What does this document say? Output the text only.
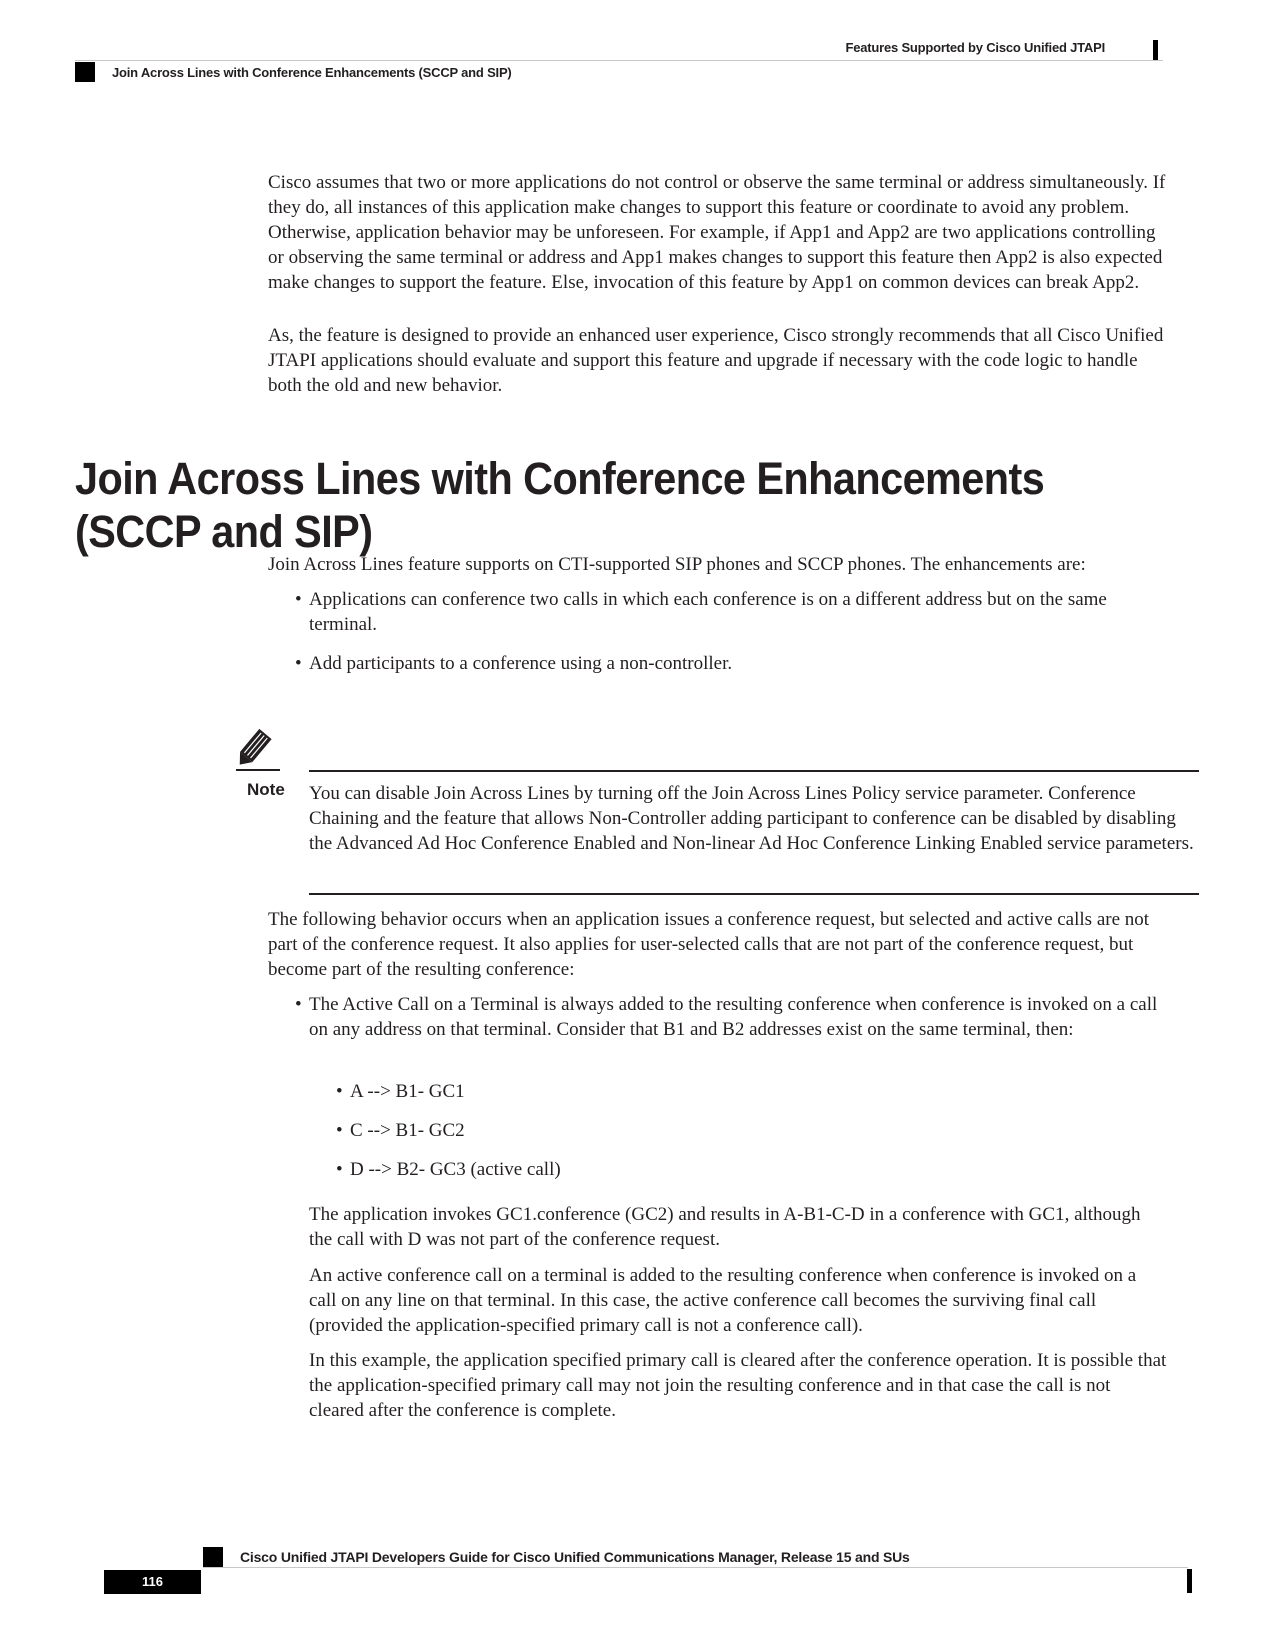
Features Supported by Cisco Unified JTAPI
Join Across Lines with Conference Enhancements (SCCP and SIP)

Cisco assumes that two or more applications do not control or observe the same terminal or address simultaneously. If they do, all instances of this application make changes to support this feature or coordinate to avoid any problem. Otherwise, application behavior may be unforeseen. For example, if App1 and App2 are two applications controlling or observing the same terminal or address and App1 makes changes to support this feature then App2 is also expected make changes to support the feature. Else, invocation of this feature by App1 on common devices can break App2.

As, the feature is designed to provide an enhanced user experience, Cisco strongly recommends that all Cisco Unified JTAPI applications should evaluate and support this feature and upgrade if necessary with the code logic to handle both the old and new behavior.

Join Across Lines with Conference Enhancements (SCCP and SIP)

Join Across Lines feature supports on CTI-supported SIP phones and SCCP phones. The enhancements are:

• Applications can conference two calls in which each conference is on a different address but on the same terminal.
• Add participants to a conference using a non-controller.
Note You can disable Join Across Lines by turning off the Join Across Lines Policy service parameter. Conference Chaining and the feature that allows Non-Controller adding participant to conference can be disabled by disabling the Advanced Ad Hoc Conference Enabled and Non-linear Ad Hoc Conference Linking Enabled service parameters.

The following behavior occurs when an application issues a conference request, but selected and active calls are not part of the conference request. It also applies for user-selected calls that are not part of the conference request, but become part of the resulting conference:

• The Active Call on a Terminal is always added to the resulting conference when conference is invoked on a call on any address on that terminal. Consider that B1 and B2 addresses exist on the same terminal, then:
• A --> B1- GC1
• C --> B1- GC2
• D --> B2- GC3 (active call)

The application invokes GC1.conference (GC2) and results in A-B1-C-D in a conference with GC1, although the call with D was not part of the conference request.

An active conference call on a terminal is added to the resulting conference when conference is invoked on a call on any line on that terminal. In this case, the active conference call becomes the surviving final call (provided the application-specified primary call is not a conference call).

In this example, the application specified primary call is cleared after the conference operation. It is possible that the application-specified primary call may not join the resulting conference and in that case the call is not cleared after the conference is complete.

Cisco Unified JTAPI Developers Guide for Cisco Unified Communications Manager, Release 15 and SUs
116
